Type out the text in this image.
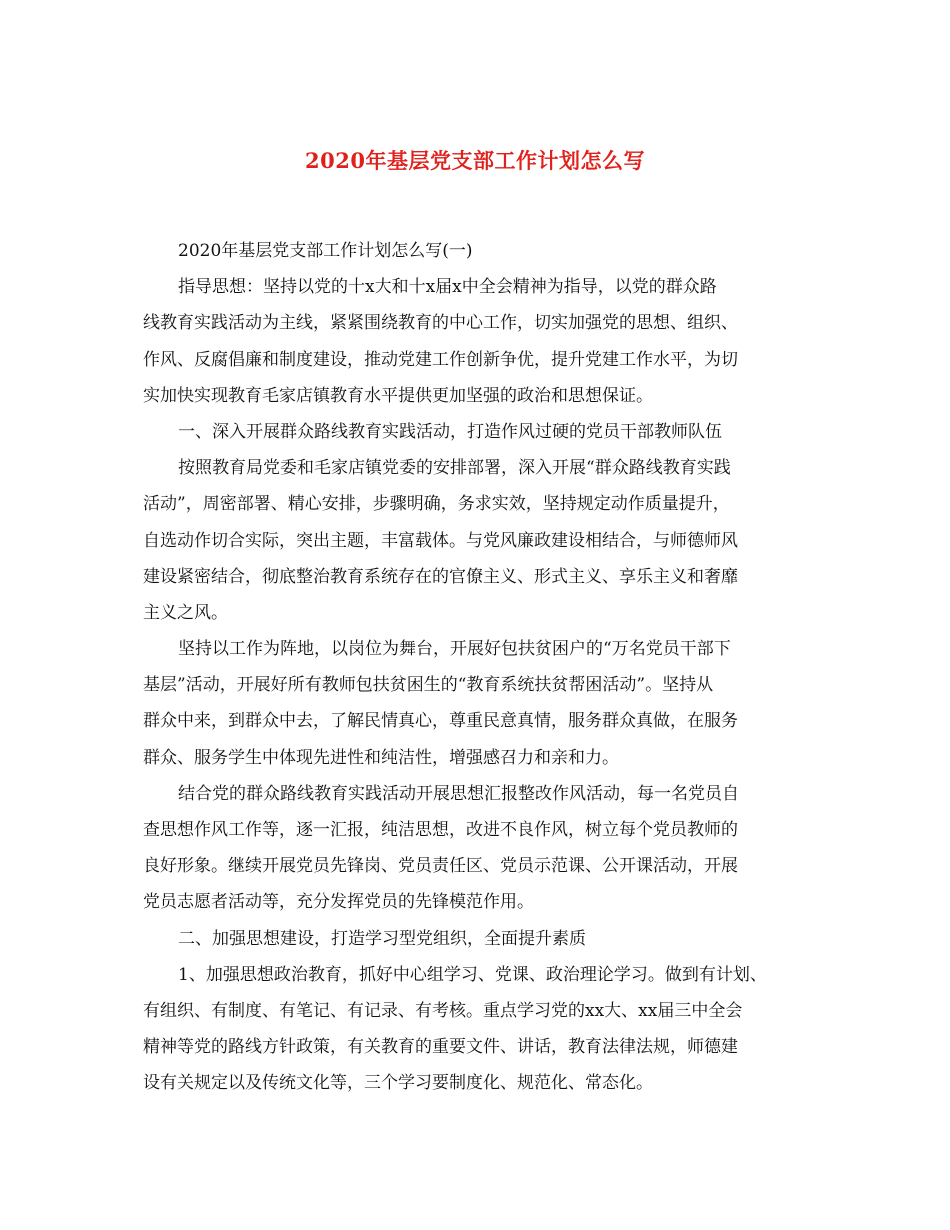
2020年基层党支部工作计划怎么写
2020年基层党支部工作计划怎么写(一)
指导思想：坚持以党的十x大和十x届x中全会精神为指导，以党的群众路
线教育实践活动为主线，紧紧围绕教育的中心工作，切实加强党的思想、组织、
作风、反腐倡廉和制度建设，推动党建工作创新争优，提升党建工作水平，为切
实加快实现教育毛家店镇教育水平提供更加坚强的政治和思想保证。
一、深入开展群众路线教育实践活动，打造作风过硬的党员干部教师队伍
按照教育局党委和毛家店镇党委的安排部署，深入开展“群众路线教育实践
活动”，周密部署、精心安排，步骤明确，务求实效，坚持规定动作质量提升，
自选动作切合实际，突出主题，丰富载体。与党风廉政建设相结合，与师德师风
建设紧密结合，彻底整治教育系统存在的官僚主义、形式主义、享乐主义和奢靡
主义之风。
坚持以工作为阵地，以岗位为舞台，开展好包扶贫困户的“万名党员干部下
基层”活动，开展好所有教师包扶贫困生的“教育系统扶贫帮困活动”。坚持从
群众中来，到群众中去，了解民情真心，尊重民意真情，服务群众真做，在服务
群众、服务学生中体现先进性和纯洁性，增强感召力和亲和力。
结合党的群众路线教育实践活动开展思想汇报整改作风活动，每一名党员自
查思想作风工作等，逐一汇报，纯洁思想，改进不良作风，树立每个党员教师的
良好形象。继续开展党员先锋岗、党员责任区、党员示范课、公开课活动，开展
党员志愿者活动等，充分发挥党员的先锋模范作用。
二、加强思想建设，打造学习型党组织，全面提升素质
1、加强思想政治教育，抓好中心组学习、党课、政治理论学习。做到有计划、
有组织、有制度、有笔记、有记录、有考核。重点学习党的xx大、xx届三中全会
精神等党的路线方针政策，有关教育的重要文件、讲话，教育法律法规，师德建
设有关规定以及传统文化等，三个学习要制度化、规范化、常态化。
